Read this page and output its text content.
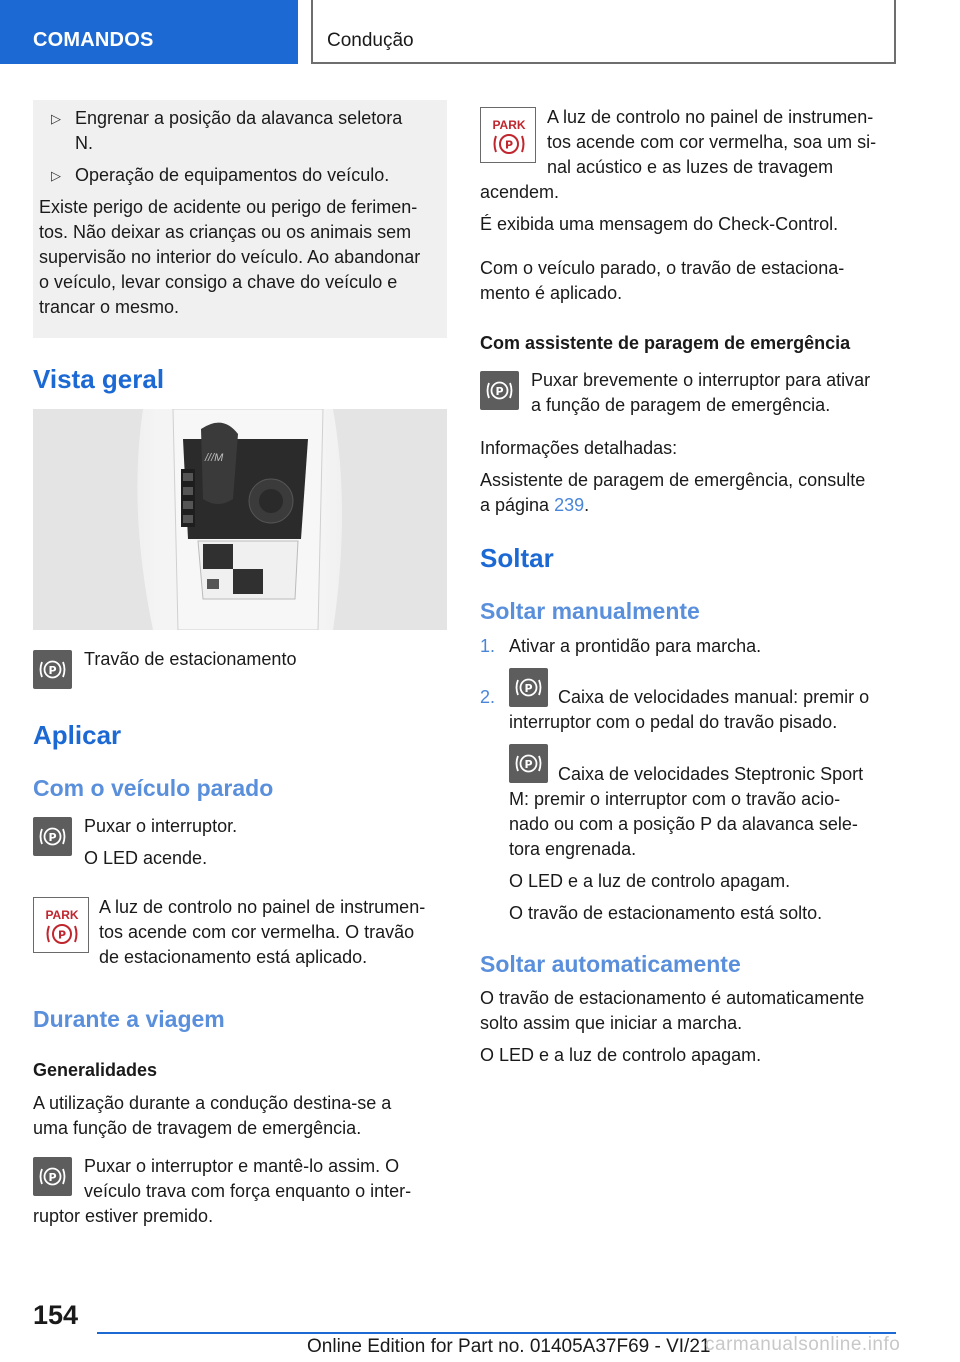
COMANDOS	Condução
▷ Engrenar a posição da alavanca seletora
N.
▷ Operação de equipamentos do veículo.
Existe perigo de acidente ou perigo de ferimen-
tos. Não deixar as crianças ou os animais sem
supervisão no interior do veículo. Ao abandonar
o veículo, levar consigo a chave do veículo e
trancar o mesmo.
Vista geral
///M
P
Travão de estacionamento
Aplicar
Com o veículo parado
P
Puxar o interruptor.
O LED acende.
PARK
P
A luz de controlo no painel de instrumen-
tos acende com cor vermelha. O travão
de estacionamento está aplicado.
Durante a viagem
Generalidades
A utilização durante a condução destina-se a
uma função de travagem de emergência.
P
Puxar o interruptor e mantê-lo assim. O
veículo trava com força enquanto o inter-
ruptor estiver premido.
PARK
P
A luz de controlo no painel de instrumen-
tos acende com cor vermelha, soa um si-
nal acústico e as luzes de travagem
acendem.
É exibida uma mensagem do Check-Control.
Com o veículo parado, o travão de estaciona-
mento é aplicado.
Com assistente de paragem de emergência
P
Puxar brevemente o interruptor para ativar
a função de paragem de emergência.
Informações detalhadas:
Assistente de paragem de emergência, consulte
a página 239.
Soltar
Soltar manualmente
1. Ativar a prontidão para marcha.
2.	P Caixa de velocidades manual: premir o
interruptor com o pedal do travão pisado.
P Caixa de velocidades Steptronic Sport
M: premir o interruptor com o travão acio-
nado ou com a posição P da alavanca sele-
tora engrenada.
O LED e a luz de controlo apagam.
O travão de estacionamento está solto.
Soltar automaticamente
O travão de estacionamento é automaticamente
solto assim que iniciar a marcha.
O LED e a luz de controlo apagam.
154
Online Edition for Part no. 01405A37F69 - VI/21
carmanualsonline.info
